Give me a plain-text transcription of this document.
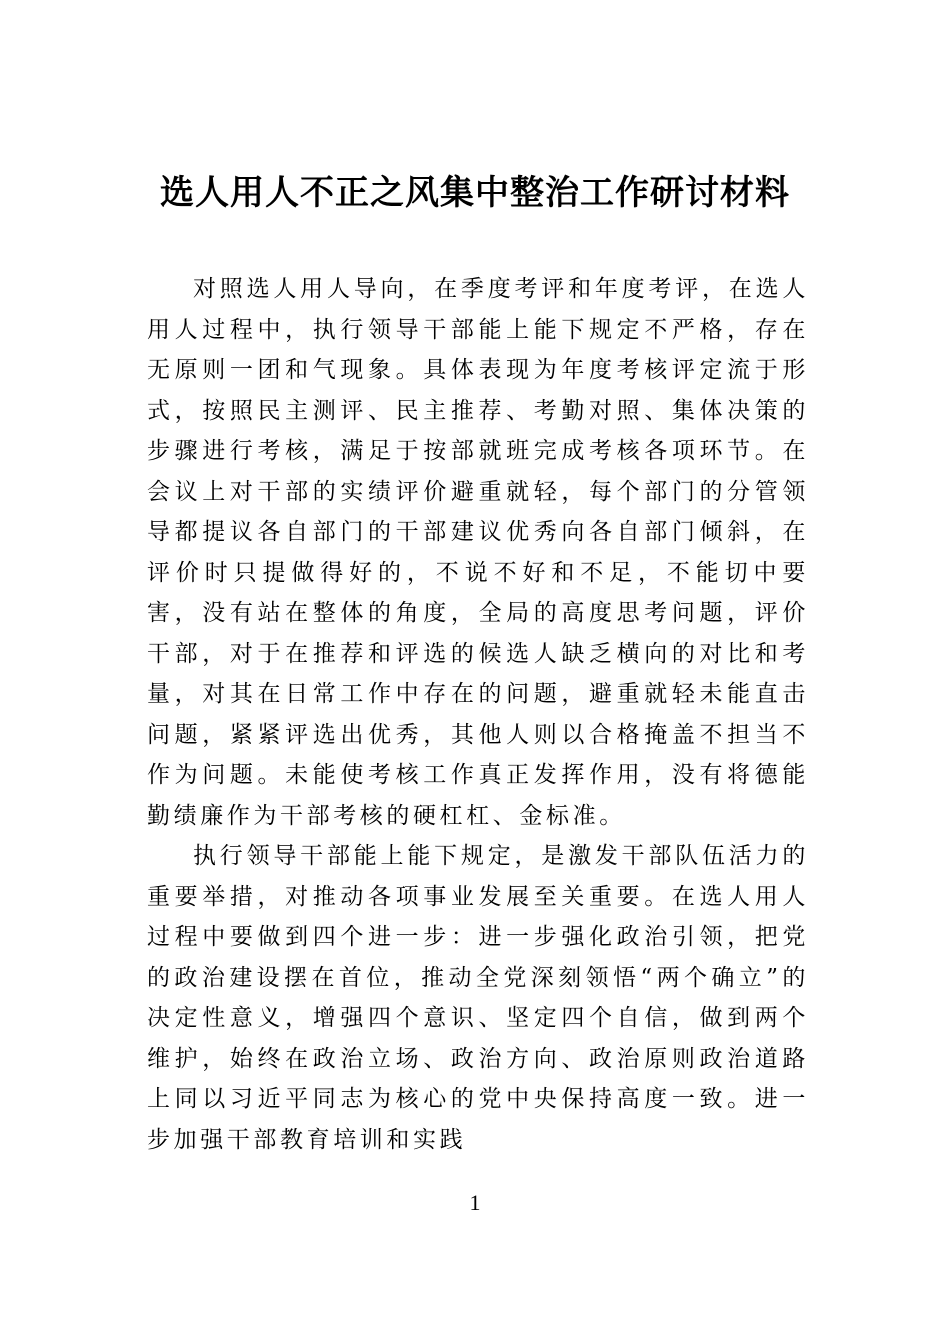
选人用人不正之风集中整治工作研讨材料

对照选人用人导向，在季度考评和年度考评，在选人用人过程中，执行领导干部能上能下规定不严格，存在无原则一团和气现象。具体表现为年度考核评定流于形式，按照民主测评、民主推荐、考勤对照、集体决策的步骤进行考核，满足于按部就班完成考核各项环节。在会议上对干部的实绩评价避重就轻，每个部门的分管领导都提议各自部门的干部建议优秀向各自部门倾斜，在评价时只提做得好的，不说不好和不足，不能切中要害，没有站在整体的角度，全局的高度思考问题，评价干部，对于在推荐和评选的候选人缺乏横向的对比和考量，对其在日常工作中存在的问题，避重就轻未能直击问题，紧紧评选出优秀，其他人则以合格掩盖不担当不作为问题。未能使考核工作真正发挥作用，没有将德能勤绩廉作为干部考核的硬杠杠、金标准。

执行领导干部能上能下规定，是激发干部队伍活力的重要举措，对推动各项事业发展至关重要。在选人用人过程中要做到四个进一步：进一步强化政治引领，把党的政治建设摆在首位，推动全党深刻领悟“两个确立”的决定性意义，增强四个意识、坚定四个自信，做到两个维护，始终在政治立场、政治方向、政治原则政治道路上同以习近平同志为核心的党中央保持高度一致。进一步加强干部教育培训和实践

1
